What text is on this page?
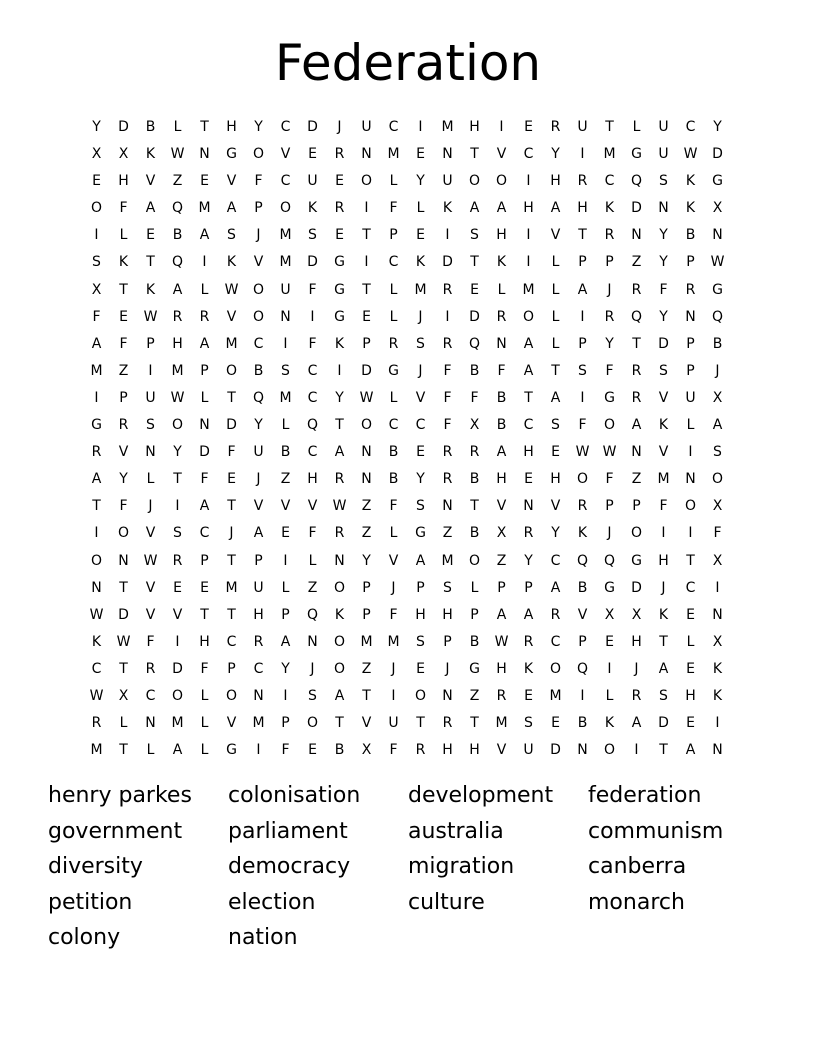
Federation
Y	D	B	L	T	H	Y	C	D	J	U	C	I	M	H	I	E	R	U	T	L	U	C	Y
X	X	K	W	N	G	O	V	E	R	N	M	E	N	T	V	C	Y	I	M	G	U	W	D
E	H	V	Z	E	V	F	C	U	E	O	L	Y	U	O	O	I	H	R	C	Q	S	K	G
O	F	A	Q	M	A	P	O	K	R	I	F	L	K	A	A	H	A	H	K	D	N	K	X
I	L	E	B	A	S	J	M	S	E	T	P	E	I	S	H	I	V	T	R	N	Y	B	N
S	K	T	Q	I	K	V	M	D	G	I	C	K	D	T	K	I	L	P	P	Z	Y	P	W
X	T	K	A	L	W	O	U	F	G	T	L	M	R	E	L	M	L	A	J	R	F	R	G
F	E	W	R	R	V	O	N	I	G	E	L	J	I	D	R	O	L	I	R	Q	Y	N	Q
A	F	P	H	A	M	C	I	F	K	P	R	S	R	Q	N	A	L	P	Y	T	D	P	B
M	Z	I	M	P	O	B	S	C	I	D	G	J	F	B	F	A	T	S	F	R	S	P	J
I	P	U	W	L	T	Q	M	C	Y	W	L	V	F	F	B	T	A	I	G	R	V	U	X
G	R	S	O	N	D	Y	L	Q	T	O	C	C	F	X	B	C	S	F	O	A	K	L	A
R	V	N	Y	D	F	U	B	C	A	N	B	E	R	R	A	H	E	W W	N	V	I	S
A	Y	L	T	F	E	J	Z	H	R	N	B	Y	R	B	H	E	H	O	F	Z	M	N	O
T	F	J	I	A	T	V	V	V	W	Z	F	S	N	T	V	N	V	R	P	P	F	O	X
I	O	V	S	C	J	A	E	F	R	Z	L	G	Z	B	X	R	Y	K	J	O	I	I	F
O	N	W	R	P	T	P	I	L	N	Y	V	A	M	O	Z	Y	C	Q	Q	G	H	T	X
N	T	V	E	E	M	U	L	Z	O	P	J	P	S	L	P	P	A	B	G	D	J	C	I
W	D	V	V	T	T	H	P	Q	K	P	F	H	H	P	A	A	R	V	X	X	K	E	N
K	W	F	I	H	C	R	A	N	O	M	M	S	P	B	W	R	C	P	E	H	T	L	X
C	T	R	D	F	P	C	Y	J	O	Z	J	E	J	G	H	K	O	Q	I	J	A	E	K
W	X	C	O	L	O	N	I	S	A	T	I	O	N	Z	R	E	M	I	L	R	S	H	K
R	L	N	M	L	V	M	P	O	T	V	U	T	R	T	M	S	E	B	K	A	D	E	I
M	T	L	A	L	G	I	F	E	B	X	F	R	H	H	V	U	D	N	O	I	T	A	N
henry parkes	colonisation	development	federation
government	parliament	australia	communism
diversity	democracy	migration	canberra
petition	election	culture	monarch
colony	nation
